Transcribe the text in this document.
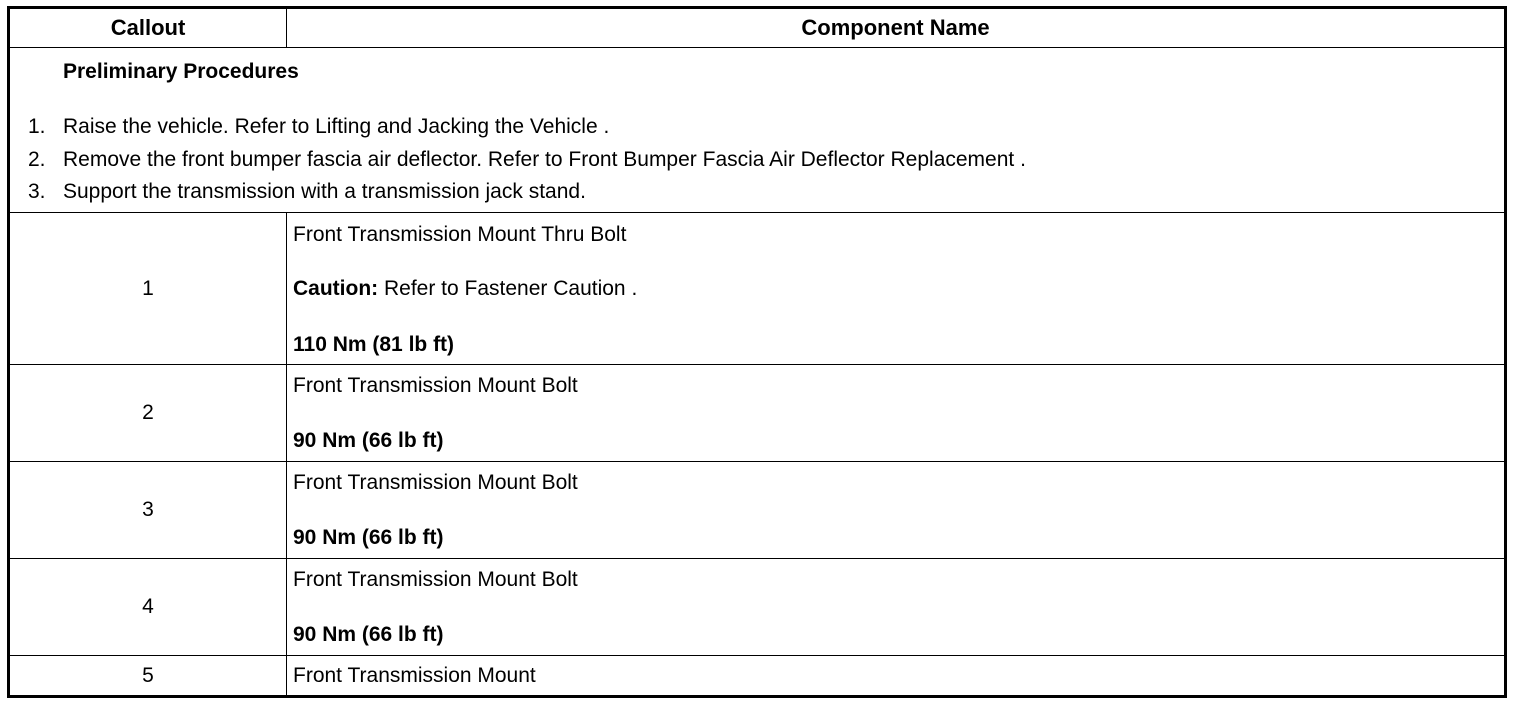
Callout	Component Name
Preliminary Procedures
1. Raise the vehicle. Refer to Lifting and Jacking the Vehicle .
2. Remove the front bumper fascia air deflector. Refer to Front Bumper Fascia Air Deflector Replacement .
3. Support the transmission with a transmission jack stand.
1
Front Transmission Mount Thru Bolt
Caution: Refer to Fastener Caution .
110 Nm (81 lb ft)
2
Front Transmission Mount Bolt
90 Nm (66 lb ft)
3
Front Transmission Mount Bolt
90 Nm (66 lb ft)
4
Front Transmission Mount Bolt
90 Nm (66 lb ft)
5	Front Transmission Mount
